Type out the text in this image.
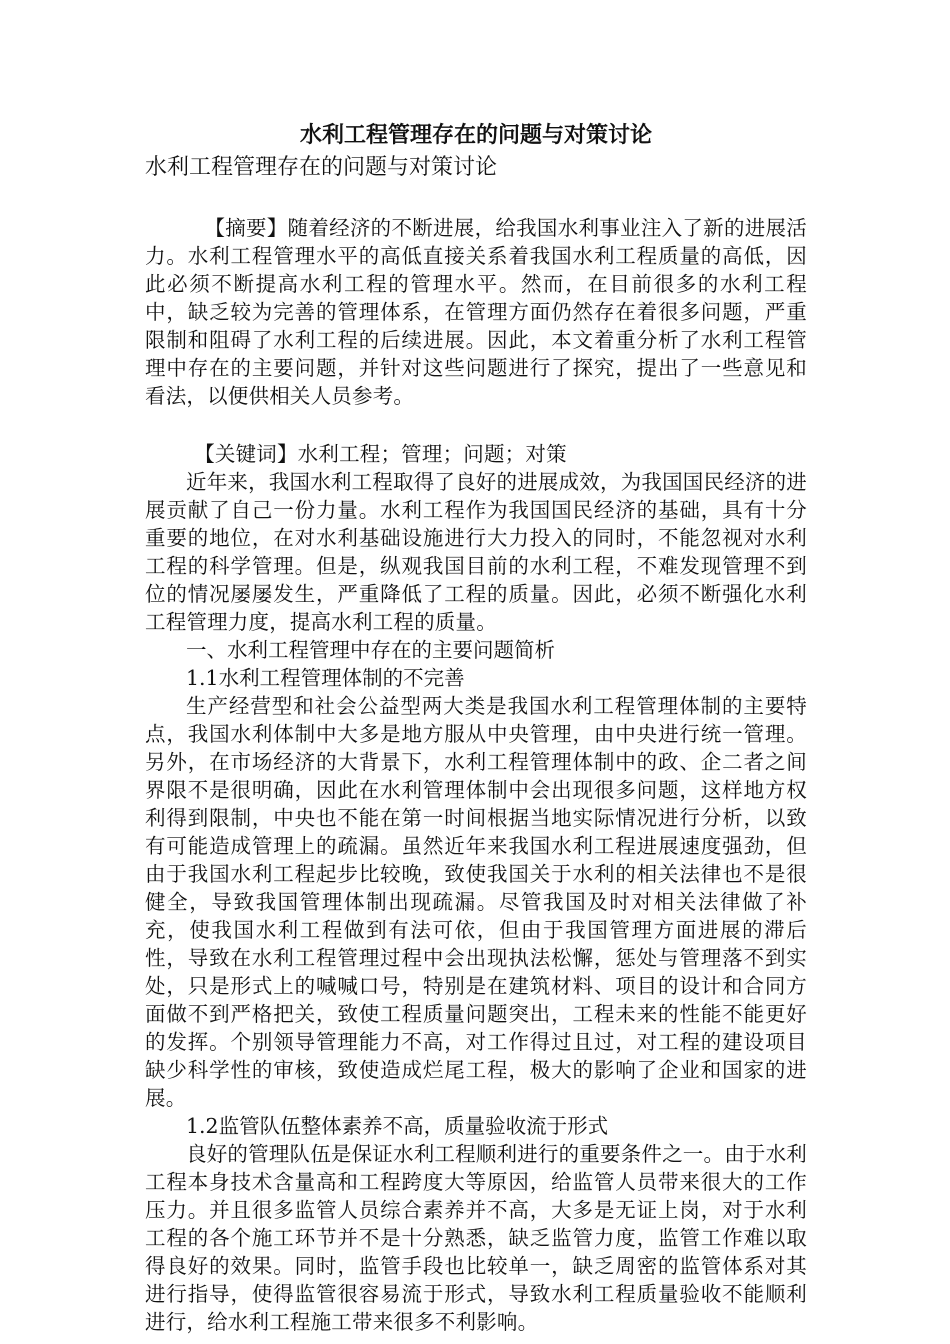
水利工程管理存在的问题与对策讨论

水利工程管理存在的问题与对策讨论

【摘要】随着经济的不断进展，给我国水利事业注入了新的进展活力。水利工程管理水平的高低直接关系着我国水利工程质量的高低，因此必须不断提高水利工程的管理水平。然而，在目前很多的水利工程中，缺乏较为完善的管理体系，在管理方面仍然存在着很多问题，严重限制和阻碍了水利工程的后续进展。因此，本文着重分析了水利工程管理中存在的主要问题，并针对这些问题进行了探究，提出了一些意见和看法，以便供相关人员参考。

【关键词】水利工程；管理；问题；对策

近年来，我国水利工程取得了良好的进展成效，为我国国民经济的进展贡献了自己一份力量。水利工程作为我国国民经济的基础，具有十分重要的地位，在对水利基础设施进行大力投入的同时，不能忽视对水利工程的科学管理。但是，纵观我国目前的水利工程，不难发现管理不到位的情况屡屡发生，严重降低了工程的质量。因此，必须不断强化水利工程管理力度，提高水利工程的质量。

一、水利工程管理中存在的主要问题简析

1.1水利工程管理体制的不完善

生产经营型和社会公益型两大类是我国水利工程管理体制的主要特点，我国水利体制中大多是地方服从中央管理，由中央进行统一管理。另外，在市场经济的大背景下，水利工程管理体制中的政、企二者之间界限不是很明确，因此在水利管理体制中会出现很多问题，这样地方权利得到限制，中央也不能在第一时间根据当地实际情况进行分析，以致有可能造成管理上的疏漏。虽然近年来我国水利工程进展速度强劲，但由于我国水利工程起步比较晚，致使我国关于水利的相关法律也不是很健全，导致我国管理体制出现疏漏。尽管我国及时对相关法律做了补充，使我国水利工程做到有法可依，但由于我国管理方面进展的滞后性，导致在水利工程管理过程中会出现执法松懈，惩处与管理落不到实处，只是形式上的喊喊口号，特别是在建筑材料、项目的设计和合同方面做不到严格把关，致使工程质量问题突出，工程未来的性能不能更好的发挥。个别领导管理能力不高，对工作得过且过，对工程的建设项目缺少科学性的审核，致使造成烂尾工程，极大的影响了企业和国家的进展。

1.2监管队伍整体素养不高，质量验收流于形式

良好的管理队伍是保证水利工程顺利进行的重要条件之一。由于水利工程本身技术含量高和工程跨度大等原因，给监管人员带来很大的工作压力。并且很多监管人员综合素养并不高，大多是无证上岗，对于水利工程的各个施工环节并不是十分熟悉，缺乏监管力度，监管工作难以取得良好的效果。同时，监管手段也比较单一，缺乏周密的监管体系对其进行指导，使得监管很容易流于形式，导致水利工程质量验收不能顺利进行，给水利工程施工带来很多不利影响。
